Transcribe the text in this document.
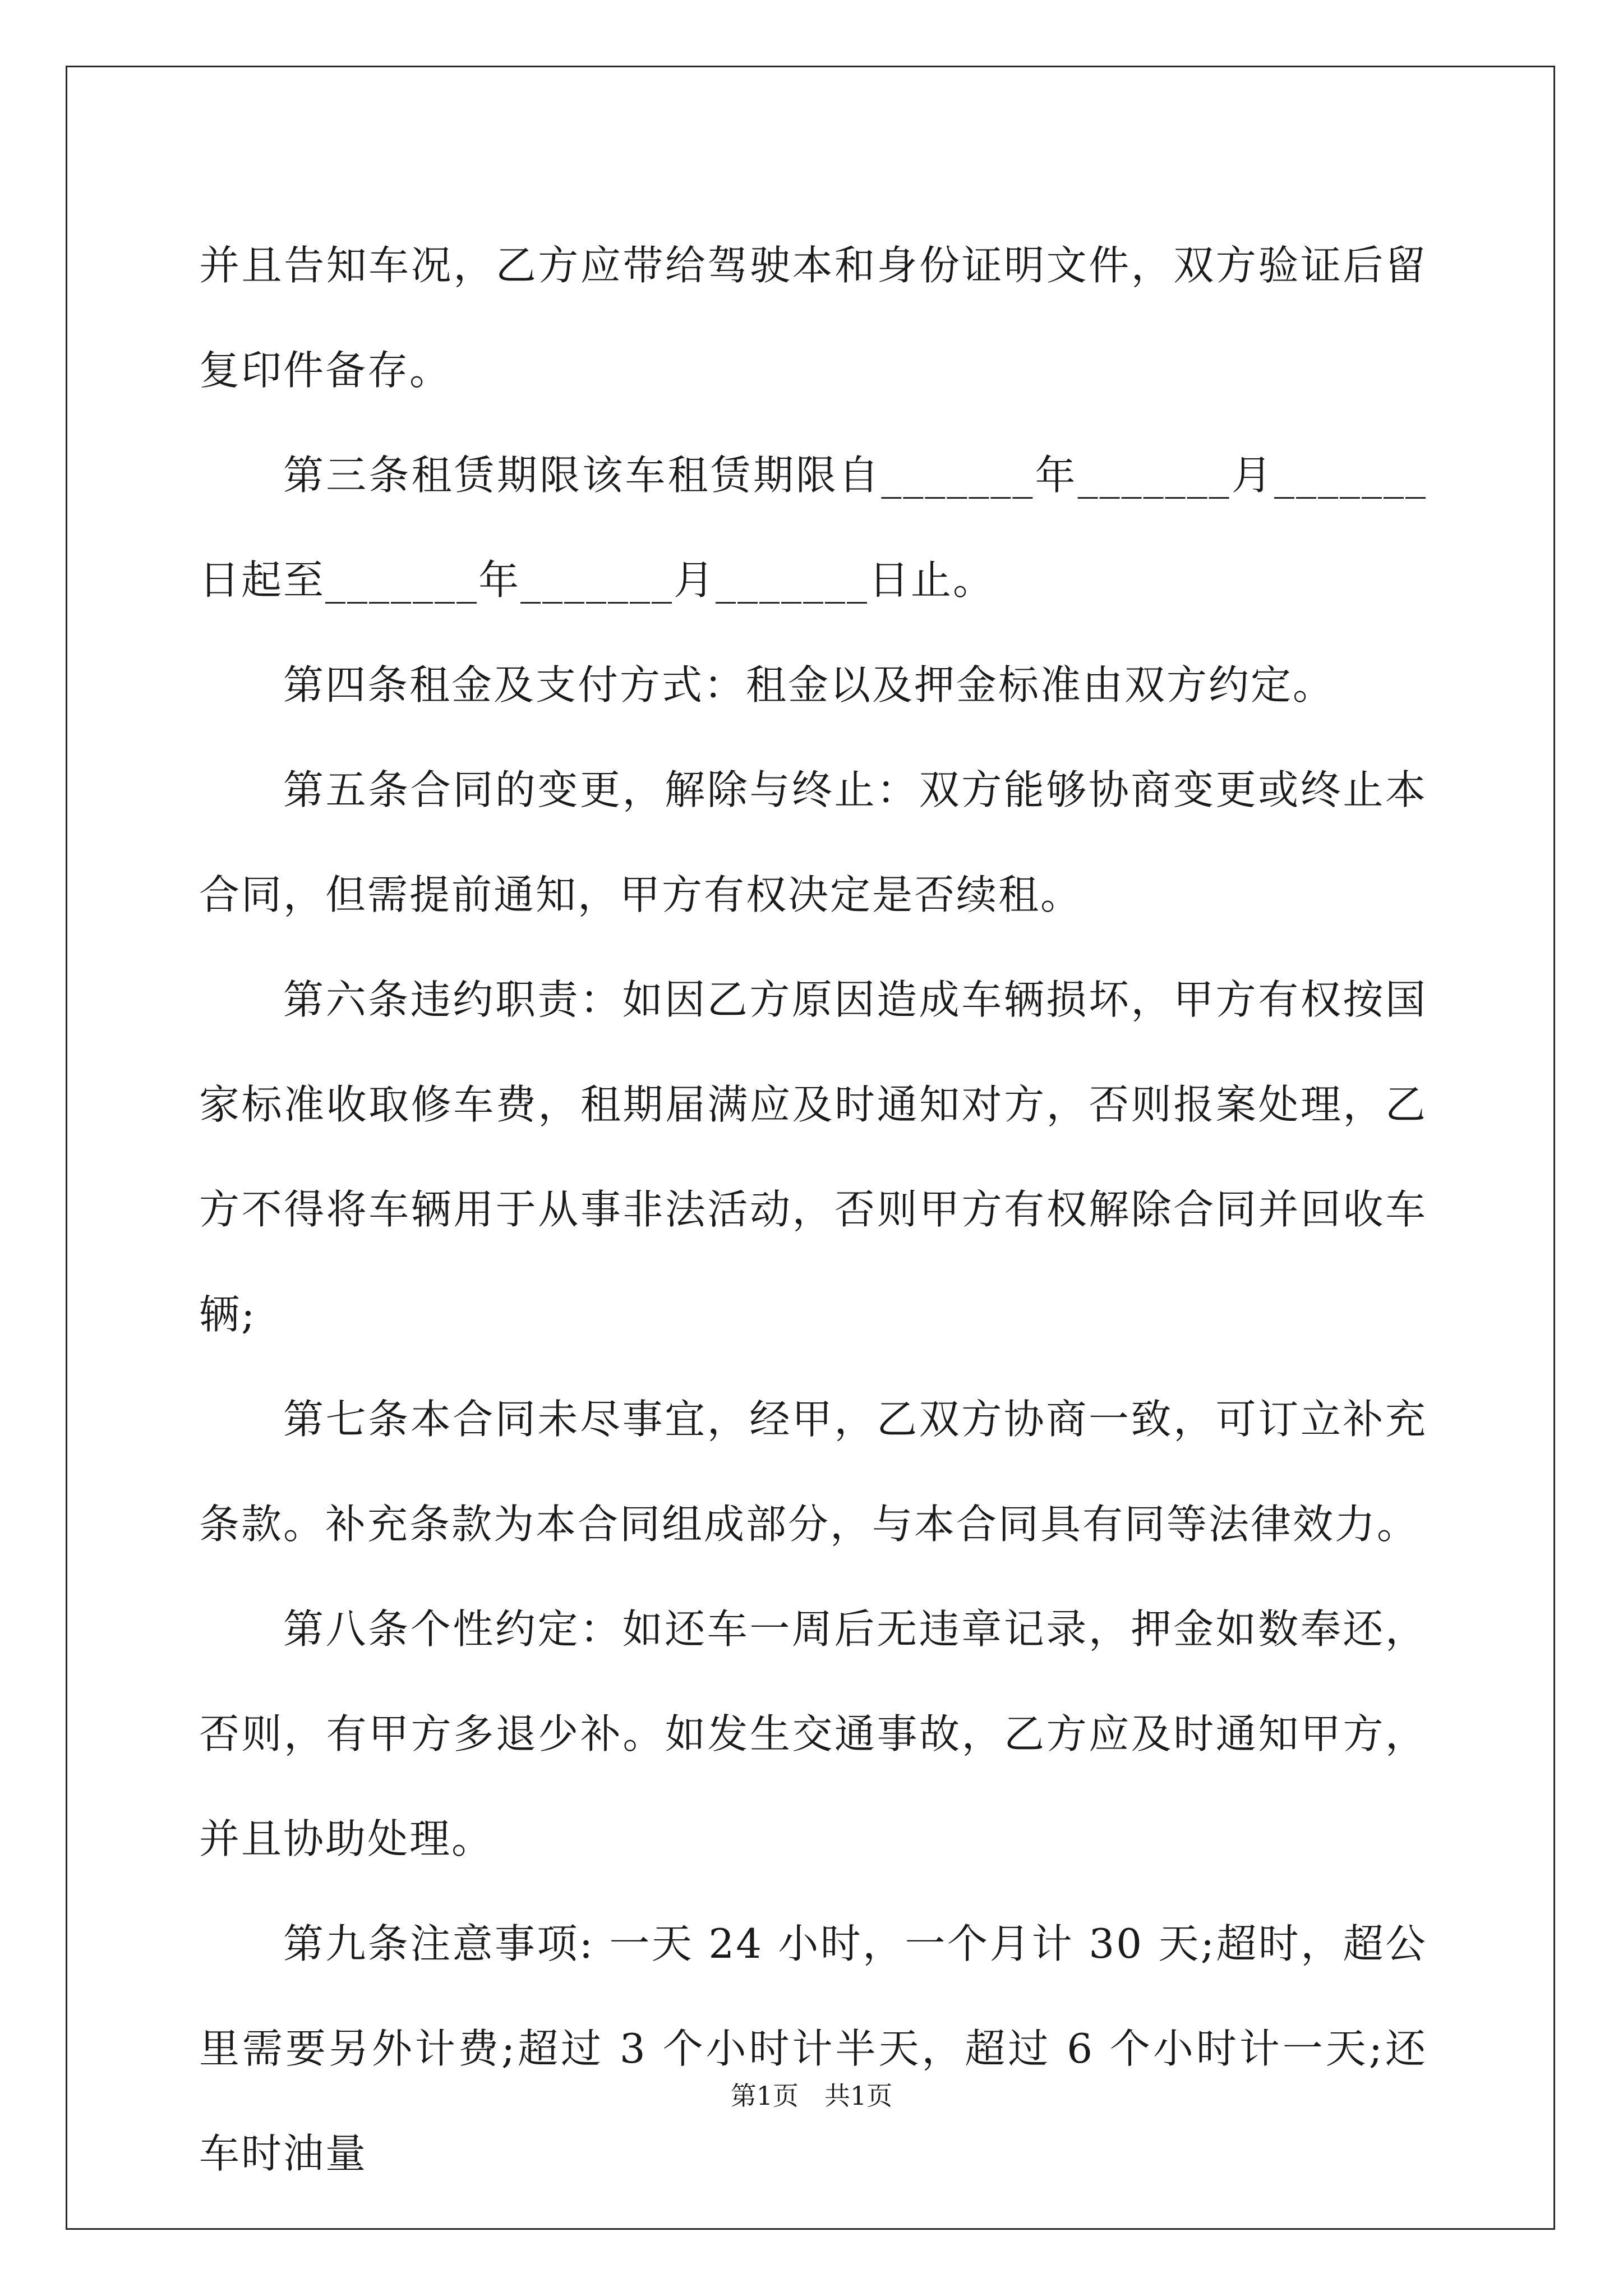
并且告知车况，乙方应带给驾驶本和身份证明文件，双方验证后留复印件备存。

第三条租赁期限该车租赁期限自_______年_______月_______日起至_______年_______月_______日止。

第四条租金及支付方式：租金以及押金标准由双方约定。

第五条合同的变更，解除与终止：双方能够协商变更或终止本合同，但需提前通知，甲方有权决定是否续租。

第六条违约职责：如因乙方原因造成车辆损坏，甲方有权按国家标准收取修车费，租期届满应及时通知对方，否则报案处理，乙方不得将车辆用于从事非法活动，否则甲方有权解除合同并回收车辆;

第七条本合同未尽事宜，经甲，乙双方协商一致，可订立补充条款。补充条款为本合同组成部分，与本合同具有同等法律效力。

第八条个性约定：如还车一周后无违章记录，押金如数奉还，否则，有甲方多退少补。如发生交通事故，乙方应及时通知甲方，并且协助处理。

第九条注意事项: 一天 24 小时，一个月计 30 天;超时，超公里需要另外计费;超过 3 个小时计半天，超过 6 个小时计一天;还车时油量

第1页 共1页
